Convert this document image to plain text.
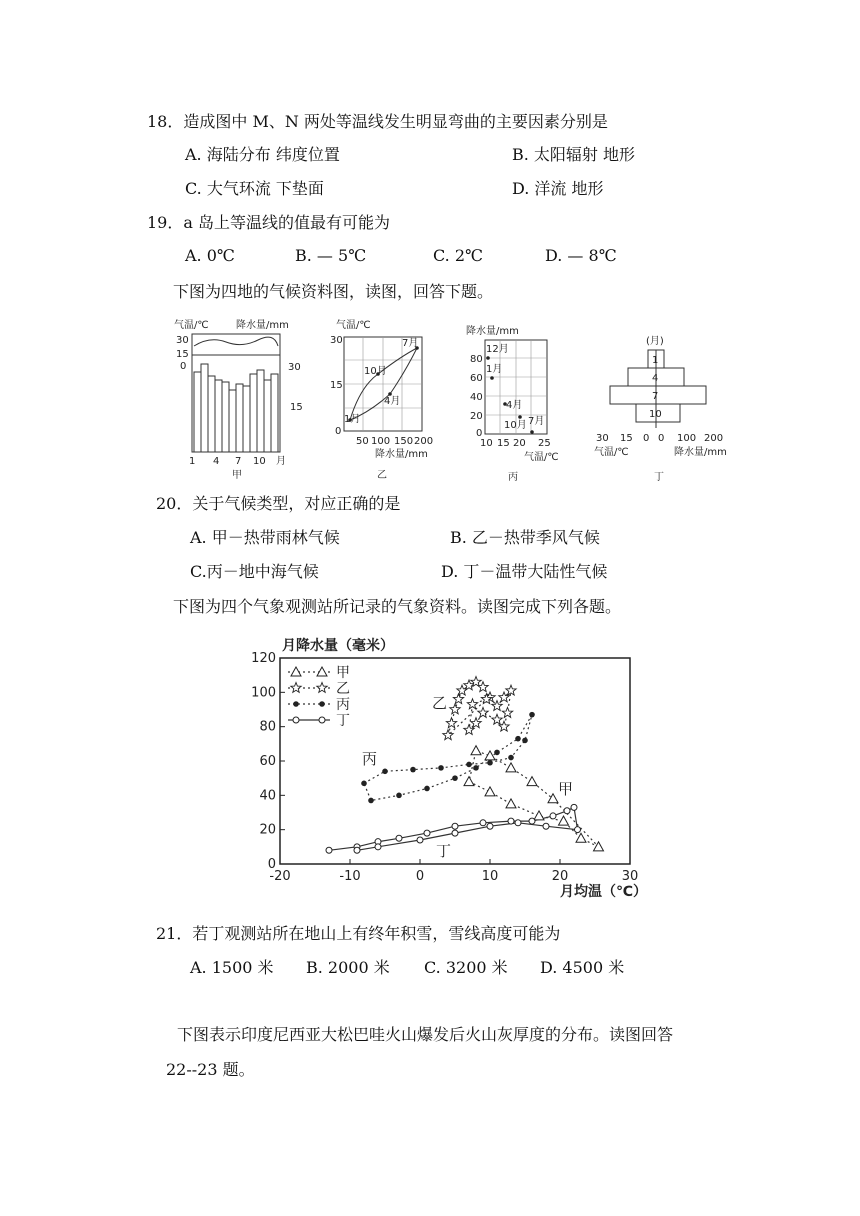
18．造成图中 M、N 两处等温线发生明显弯曲的主要因素分别是
A. 海陆分布 纬度位置	B. 太阳辐射 地形
C. 大气环流 下垫面	D. 洋流 地形
19．a 岛上等温线的值最有可能为
A. 0℃	B. — 5℃	C. 2℃	D. — 8℃
下图为四地的气候资料图，读图，回答下题。
气温/℃	降水量/mm
30
15
0	30
15
1 4 7 10 月
甲
气温/℃
30
15
0
7月
10月
4月
1月
50 100 150 200
降水量/mm
乙
降水量/mm
80
60
40
20
0
12月
1月
4月
7月
10月
10 15 20 25
气温/℃
丙
(月)
1
4
7
10
30 15 0 0 100 200
气温/℃	降水量/mm
丁
20．关于气候类型，对应正确的是
A. 甲－热带雨林气候	B. 乙－热带季风气候
C.丙－地中海气候	D. 丁－温带大陆性气候
下图为四个气象观测站所记录的气象资料。读图完成下列各题。
月降水量（毫米）
月均温（℃）
-20	-10	0	10	20	30
0
20
40
60
80
100
120
甲
乙
丙
丁
乙
丙
甲
丁
21．若丁观测站所在地山上有终年积雪，雪线高度可能为
A. 1500 米 B. 2000 米 C. 3200 米 D. 4500 米
下图表示印度尼西亚大松巴哇火山爆发后火山灰厚度的分布。读图回答
22--23 题。
